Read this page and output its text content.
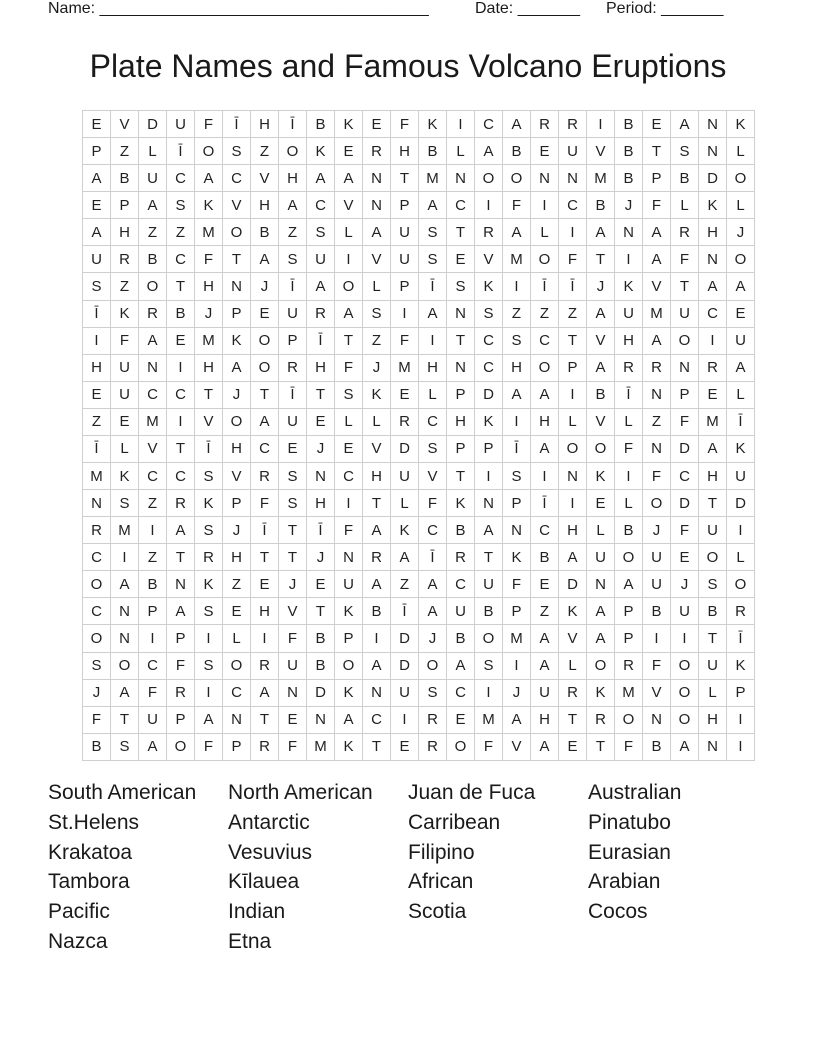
Name: _____________________________________	Date: _______ Period: _______
Plate Names and Famous Volcano Eruptions
E	V	D	U	F	Ī	H	Ī	B	K	E	F	K	I	C	A	R	R	I	B	E	A	N	K
P	Z	L	Ī	O	S	Z	O	K	E	R	H	B	L	A	B	E	U	V	B	T	S	N	L
A	B	U	C	A	C	V	H	A	A	N	T	M	N	O	O	N	N	M	B	P	B	D	O
E	P	A	S	K	V	H	A	C	V	N	P	A	C	I	F	I	C	B	J	F	L	K	L
A	H	Z	Z	M	O	B	Z	S	L	A	U	S	T	R	A	L	I	A	N	A	R	H	J
U	R	B	C	F	T	A	S	U	I	V	U	S	E	V	M	O	F	T	I	A	F	N	O
S	Z	O	T	H	N	J	Ī	A	O	L	P	Ī	S	K	I	Ī	Ī	J	K	V	T	A	A
Ī	K	R	B	J	P	E	U	R	A	S	I	A	N	S	Z	Z	Z	A	U	M	U	C	E
I	F	A	E	M	K	O	P	Ī	T	Z	F	I	T	C	S	C	T	V	H	A	O	I	U
H	U	N	I	H	A	O	R	H	F	J	M	H	N	C	H	O	P	A	R	R	N	R	A
E	U	C	C	T	J	T	Ī	T	S	K	E	L	P	D	A	A	I	B	Ī	N	P	E	L
Z	E	M	I	V	O	A	U	E	L	L	R	C	H	K	I	H	L	V	L	Z	F	M	Ī
Ī	L	V	T	Ī	H	C	E	J	E	V	D	S	P	P	Ī	A	O	O	F	N	D	A	K
M	K	C	C	S	V	R	S	N	C	H	U	V	T	I	S	I	N	K	I	F	C	H	U
N	S	Z	R	K	P	F	S	H	I	T	L	F	K	N	P	Ī	I	E	L	O	D	T	D
R	M	I	A	S	J	Ī	T	Ī	F	A	K	C	B	A	N	C	H	L	B	J	F	U	I
C	I	Z	T	R	H	T	T	J	N	R	A	Ī	R	T	K	B	A	U	O	U	E	O	L
O	A	B	N	K	Z	E	J	E	U	A	Z	A	C	U	F	E	D	N	A	U	J	S	O
C	N	P	A	S	E	H	V	T	K	B	Ī	A	U	B	P	Z	K	A	P	B	U	B	R
O	N	I	P	I	L	I	F	B	P	I	D	J	B	O	M	A	V	A	P	I	I	T	Ī
S	O	C	F	S	O	R	U	B	O	A	D	O	A	S	I	A	L	O	R	F	O	U	K
J	A	F	R	I	C	A	N	D	K	N	U	S	C	I	J	U	R	K	M	V	O	L	P
F	T	U	P	A	N	T	E	N	A	C	I	R	E	M	A	H	T	R	O	N	O	H	I
B	S	A	O	F	P	R	F	M	K	T	E	R	O	F	V	A	E	T	F	B	A	N	I
South American
St.Helens
Krakatoa
Tambora
Pacific
Nazca
North American
Antarctic
Vesuvius
Kīlauea
Indian
Etna
Juan de Fuca
Carribean
Filipino
African
Scotia
Australian
Pinatubo
Eurasian
Arabian
Cocos
